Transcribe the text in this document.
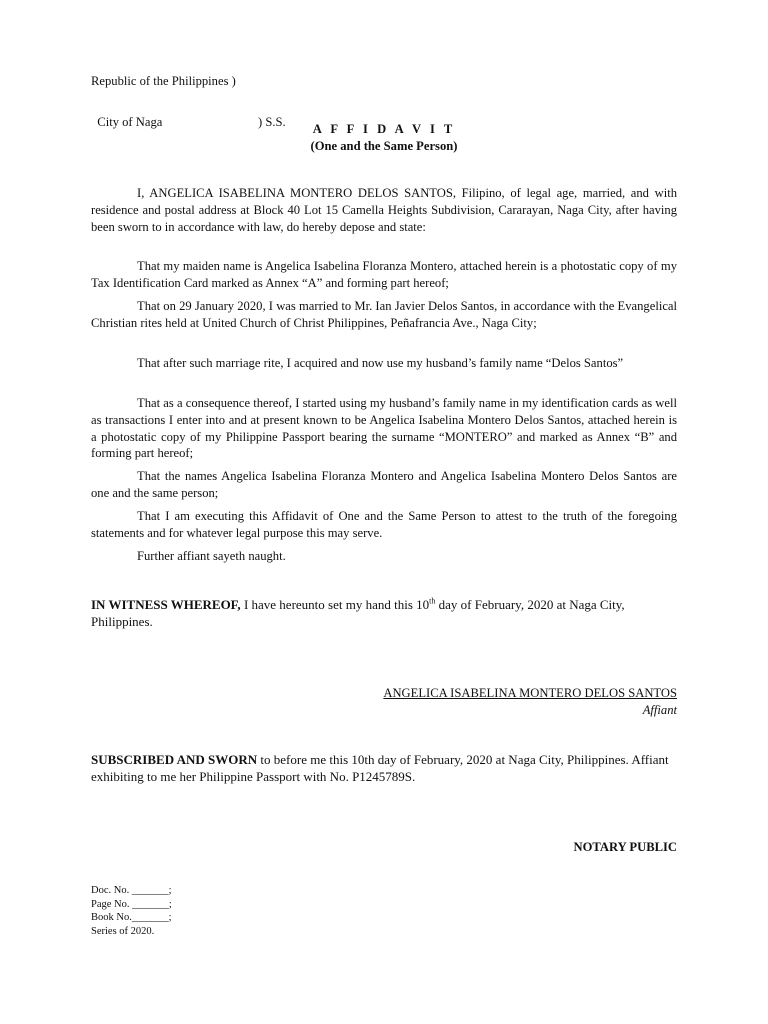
Republic of the Philippines )

City of Naga	) S.S.

A F F I D A V I T
(One and the Same Person)
I, ANGELICA ISABELINA MONTERO DELOS SANTOS, Filipino, of legal age, married, and with residence and postal address at Block 40 Lot 15 Camella Heights Subdivision, Cararayan, Naga City, after having been sworn to in accordance with law, do hereby depose and state:
That my maiden name is Angelica Isabelina Floranza Montero, attached herein is a photostatic copy of my Tax Identification Card marked as Annex “A” and forming part hereof;
That on 29 January 2020, I was married to Mr. Ian Javier Delos Santos, in accordance with the Evangelical Christian rites held at United Church of Christ Philippines, Peñafrancia Ave., Naga City;
That after such marriage rite, I acquired and now use my husband’s family name “Delos Santos”
That as a consequence thereof, I started using my husband’s family name in my identification cards as well as transactions I enter into and at present known to be Angelica Isabelina Montero Delos Santos, attached herein is a photostatic copy of my Philippine Passport bearing the surname “MONTERO” and marked as Annex “B” and forming part hereof;
That the names Angelica Isabelina Floranza Montero and Angelica Isabelina Montero Delos Santos are one and the same person;
That I am executing this Affidavit of One and the Same Person to attest to the truth of the foregoing statements and for whatever legal purpose this may serve.
Further affiant sayeth naught.
IN WITNESS WHEREOF, I have hereunto set my hand this 10th day of February, 2020 at Naga City, Philippines.
ANGELICA ISABELINA MONTERO DELOS SANTOS
Affiant
SUBSCRIBED AND SWORN to before me this 10th day of February, 2020 at Naga City, Philippines. Affiant exhibiting to me her Philippine Passport with No. P1245789S.
NOTARY PUBLIC
Doc. No. _______;
Page No. _______;
Book No._______;
Series of 2020.
